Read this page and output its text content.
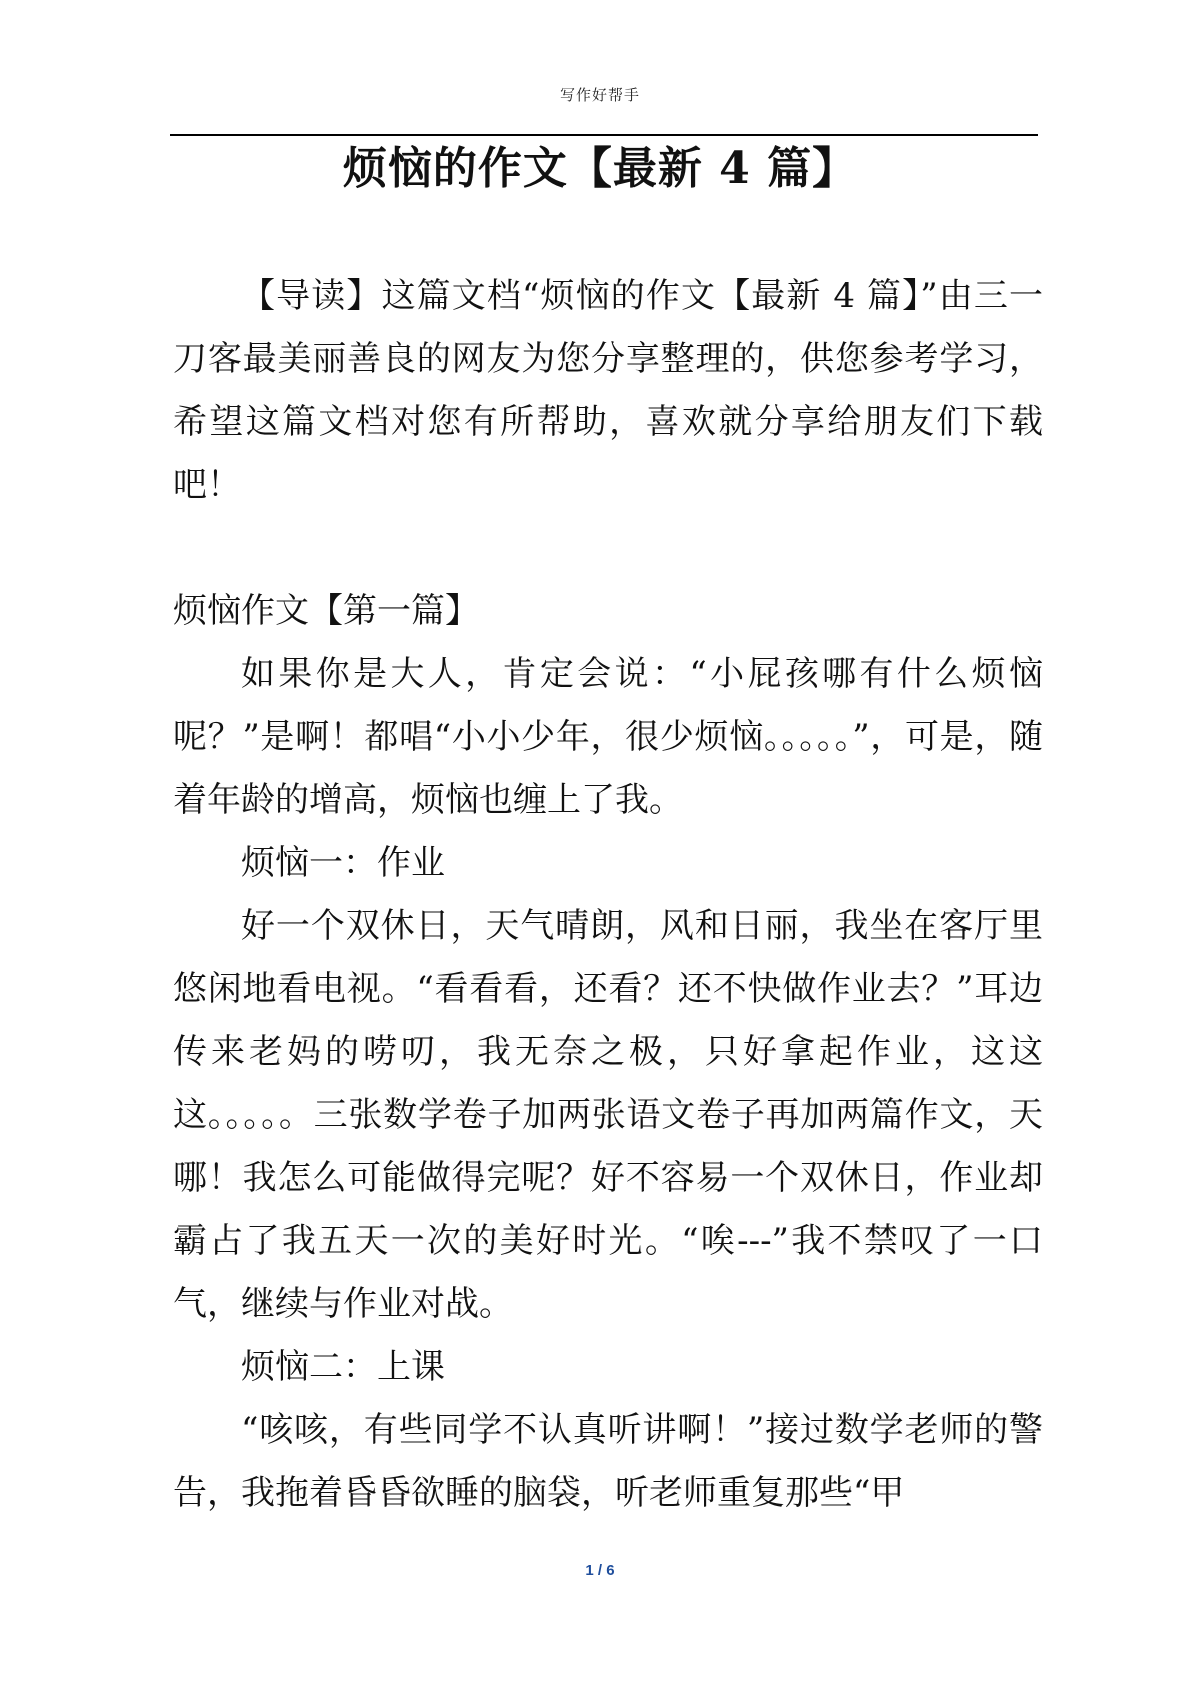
写作好帮手
烦恼的作文【最新 4 篇】

【导读】这篇文档“烦恼的作文【最新 4 篇】”由三一刀客最美丽善良的网友为您分享整理的，供您参考学习，希望这篇文档对您有所帮助，喜欢就分享给朋友们下载吧！

烦恼作文【第一篇】

如果你是大人，肯定会说：“小屁孩哪有什么烦恼呢？”是啊！都唱“小小少年，很少烦恼。。。。。”，可是，随着年龄的增高，烦恼也缠上了我。

烦恼一：作业

好一个双休日，天气晴朗，风和日丽，我坐在客厅里悠闲地看电视。“看看看，还看？还不快做作业去？”耳边传来老妈的唠叨，我无奈之极，只好拿起作业，这这这。。。。。三张数学卷子加两张语文卷子再加两篇作文，天哪！我怎么可能做得完呢？好不容易一个双休日，作业却霸占了我五天一次的美好时光。“唉---”我不禁叹了一口气，继续与作业对战。

烦恼二：上课

“咳咳，有些同学不认真听讲啊！”接过数学老师的警告，我拖着昏昏欲睡的脑袋，听老师重复那些“甲

1 / 6
